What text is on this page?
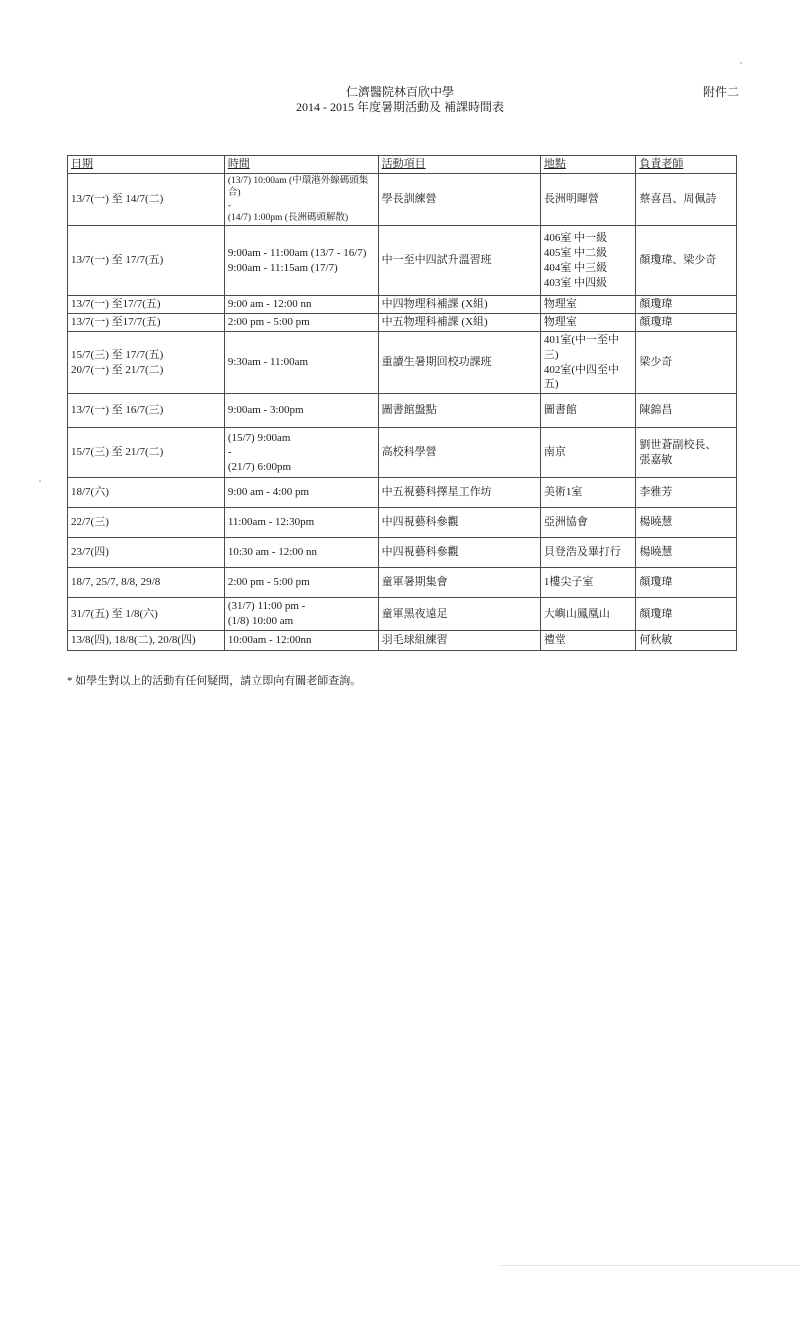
仁濟醫院林百欣中學
2014 - 2015 年度暑期活動及 補課時間表
附件二
日期	時間	活動項目	地點	負責老師

13/7(一) 至 14/7(二)	(13/7) 10:00am (中環港外線碼頭集合)
-
(14/7) 1:00pm (長洲碼頭解散)	學長訓練營	長洲明暉營	蔡喜昌、周佩詩

13/7(一) 至 17/7(五)	9:00am - 11:00am (13/7 - 16/7)
9:00am - 11:15am (17/7)	中一至中四試升溫習班	406室 中一級
405室 中二級
404室 中三級
403室 中四級	顏瓊瑋、梁少奇

13/7(一) 至17/7(五)	9:00 am - 12:00 nn	中四物理科補課 (X組)	物理室	顏瓊瑋

13/7(一) 至17/7(五)	2:00 pm - 5:00 pm	中五物理科補課 (X組)	物理室	顏瓊瑋

15/7(三) 至 17/7(五)
20/7(一) 至 21/7(二)	9:30am - 11:00am	重讀生暑期回校功課班	401室(中一至中三)
402室(中四至中五)	梁少奇

13/7(一) 至 16/7(三)	9:00am - 3:00pm	圖書館盤點	圖書館	陳錦昌

15/7(三) 至 21/7(二)	(15/7) 9:00am
-
(21/7) 6:00pm	高校科學營	南京	劉世蒼副校長、
張嘉敏

18/7(六)	9:00 am - 4:00 pm	中五視藝科擇星工作坊	美術1室	李雅芳

22/7(三)	11:00am - 12:30pm	中四視藝科參觀	亞洲協會	楊曉慧

23/7(四)	10:30 am - 12:00 nn	中四視藝科參觀	貝登浩及畢打行	楊曉慧

18/7, 25/7, 8/8, 29/8	2:00 pm - 5:00 pm	童軍暑期集會	1樓尖子室	顏瓊瑋

31/7(五) 至 1/8(六)	(31/7) 11:00 pm -
(1/8) 10:00 am	童軍黑夜遠足	大嶼山鳳凰山	顏瓊瑋

13/8(四), 18/8(二), 20/8(四)	10:00am - 12:00nn	羽毛球組練習	禮堂	何秋敏
* 如學生對以上的活動有任何疑問，請立即向有關老師查詢。
